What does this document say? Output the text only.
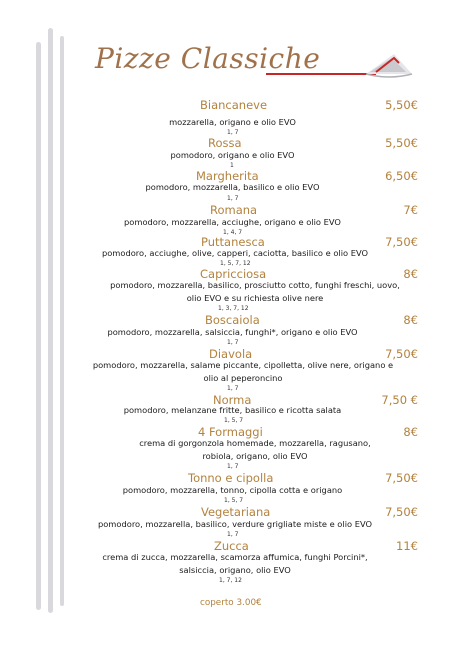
Pizze Classiche
Biancaneve	5,50€
mozzarella, origano e olio EVO
1, 7
Rossa	5,50€
pomodoro, origano e olio EVO
1
Margherita	6,50€
pomodoro, mozzarella, basilico e olio EVO
1, 7
Romana	7€
pomodoro, mozzarella, acciughe, origano e olio EVO
1, 4, 7
Puttanesca	7,50€
pomodoro, acciughe, olive, capperi, caciotta, basilico e olio EVO
1, 5, 7, 12
Capricciosa	8€
pomodoro, mozzarella, basilico, prosciutto cotto, funghi freschi, uovo, olio EVO e su richiesta olive nere
1, 3, 7, 12
Boscaiola	8€
pomodoro, mozzarella, salsiccia, funghi*, origano e olio EVO
1, 7
Diavola	7,50€
pomodoro, mozzarella, salame piccante, cipolletta, olive nere, origano e olio al peperoncino
1, 7
Norma	7,50 €
pomodoro, melanzane fritte, basilico e ricotta salata
1, 5, 7
4 Formaggi	8€
crema di gorgonzola homemade, mozzarella, ragusano, robiola, origano, olio EVO
1, 7
Tonno e cipolla	7,50€
pomodoro, mozzarella, tonno, cipolla cotta e origano
1, 5, 7
Vegetariana	7,50€
pomodoro, mozzarella, basilico, verdure grigliate miste e olio EVO
1, 7
Zucca	11€
crema di zucca, mozzarella, scamorza affumica, funghi Porcini*, salsiccia, origano, olio EVO
1, 7, 12
coperto 3.00€
